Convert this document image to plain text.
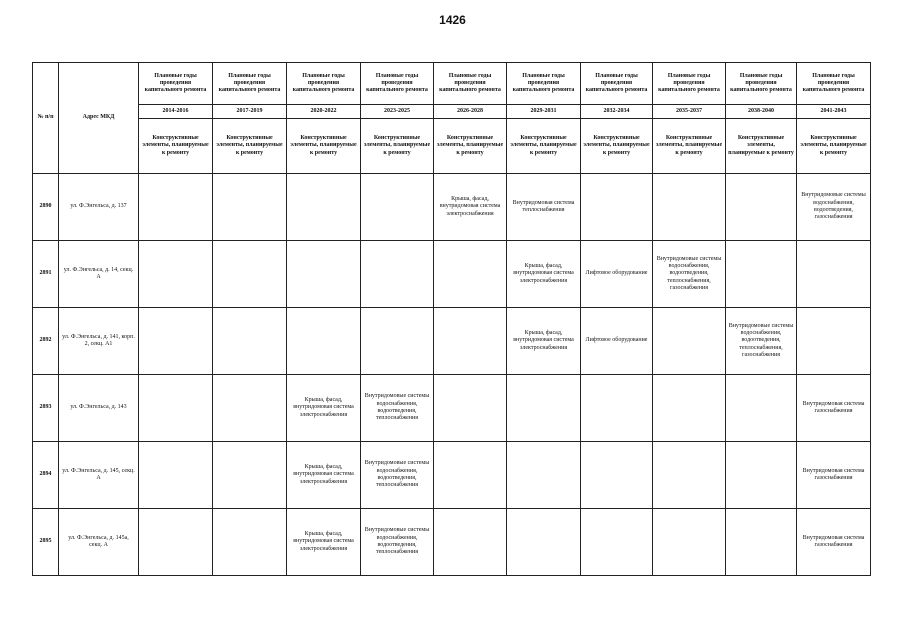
1426
№ п/п	Адрес МКД	Плановые годы проведения капитального ремонта	Плановые годы проведения капитального ремонта	Плановые годы проведения капитального ремонта	Плановые годы проведения капитального ремонта	Плановые годы проведения капитального ремонта	Плановые годы проведения капитального ремонта	Плановые годы проведения капитального ремонта	Плановые годы проведения капитального ремонта	Плановые годы проведения капитального ремонта	Плановые годы проведения капитального ремонта
		2014-2016	2017-2019	2020-2022	2023-2025	2026-2028	2029-2031	2032-2034	2035-2037	2038-2040	2041-2043
		Конструктивные элементы, планируемые к ремонту	Конструктивные элементы, планируемые к ремонту	Конструктивные элементы, планируемые к ремонту	Конструктивные элементы, планируемые к ремонту	Конструктивные элементы, планируемые к ремонту	Конструктивные элементы, планируемые к ремонту	Конструктивные элементы, планируемые к ремонту	Конструктивные элементы, планируемые к ремонту	Конструктивные элементы, планируемые к ремонту	Конструктивные элементы, планируемые к ремонту
2890	ул. Ф.Энгельса, д. 137					Крыша, фасад, внутридомовая система электроснабжения	Внутридомовая система теплоснабжения				Внутридомовые системы водоснабжения, водоотведения, газоснабжения
2891	ул. Ф.Энгельса, д. 14, секц. А						Крыша, фасад, внутридомовая система электроснабжения	Лифтовое оборудование	Внутридомовые системы водоснабжения, водоотведения, теплоснабжения, газоснабжения		
2892	ул. Ф.Энгельса, д. 141, корп. 2, секц. А1						Крыша, фасад, внутридомовая система электроснабжения	Лифтовое оборудование		Внутридомовые системы водоснабжения, водоотведения, теплоснабжения, газоснабжения	
2893	ул. Ф.Энгельса, д. 143			Крыша, фасад, внутридомовая система электроснабжения	Внутридомовые системы водоснабжения, водоотведения, теплоснабжения						Внутридомовая система газоснабжения
2894	ул. Ф.Энгельса, д. 145, секц. А			Крыша, фасад, внутридомовая система электроснабжения	Внутридомовые системы водоснабжения, водоотведения, теплоснабжения						Внутридомовая система газоснабжения
2895	ул. Ф.Энгельса, д. 145а, секц. А			Крыша, фасад, внутридомовая система электроснабжения	Внутридомовые системы водоснабжения, водоотведения, теплоснабжения						Внутридомовая система газоснабжения
